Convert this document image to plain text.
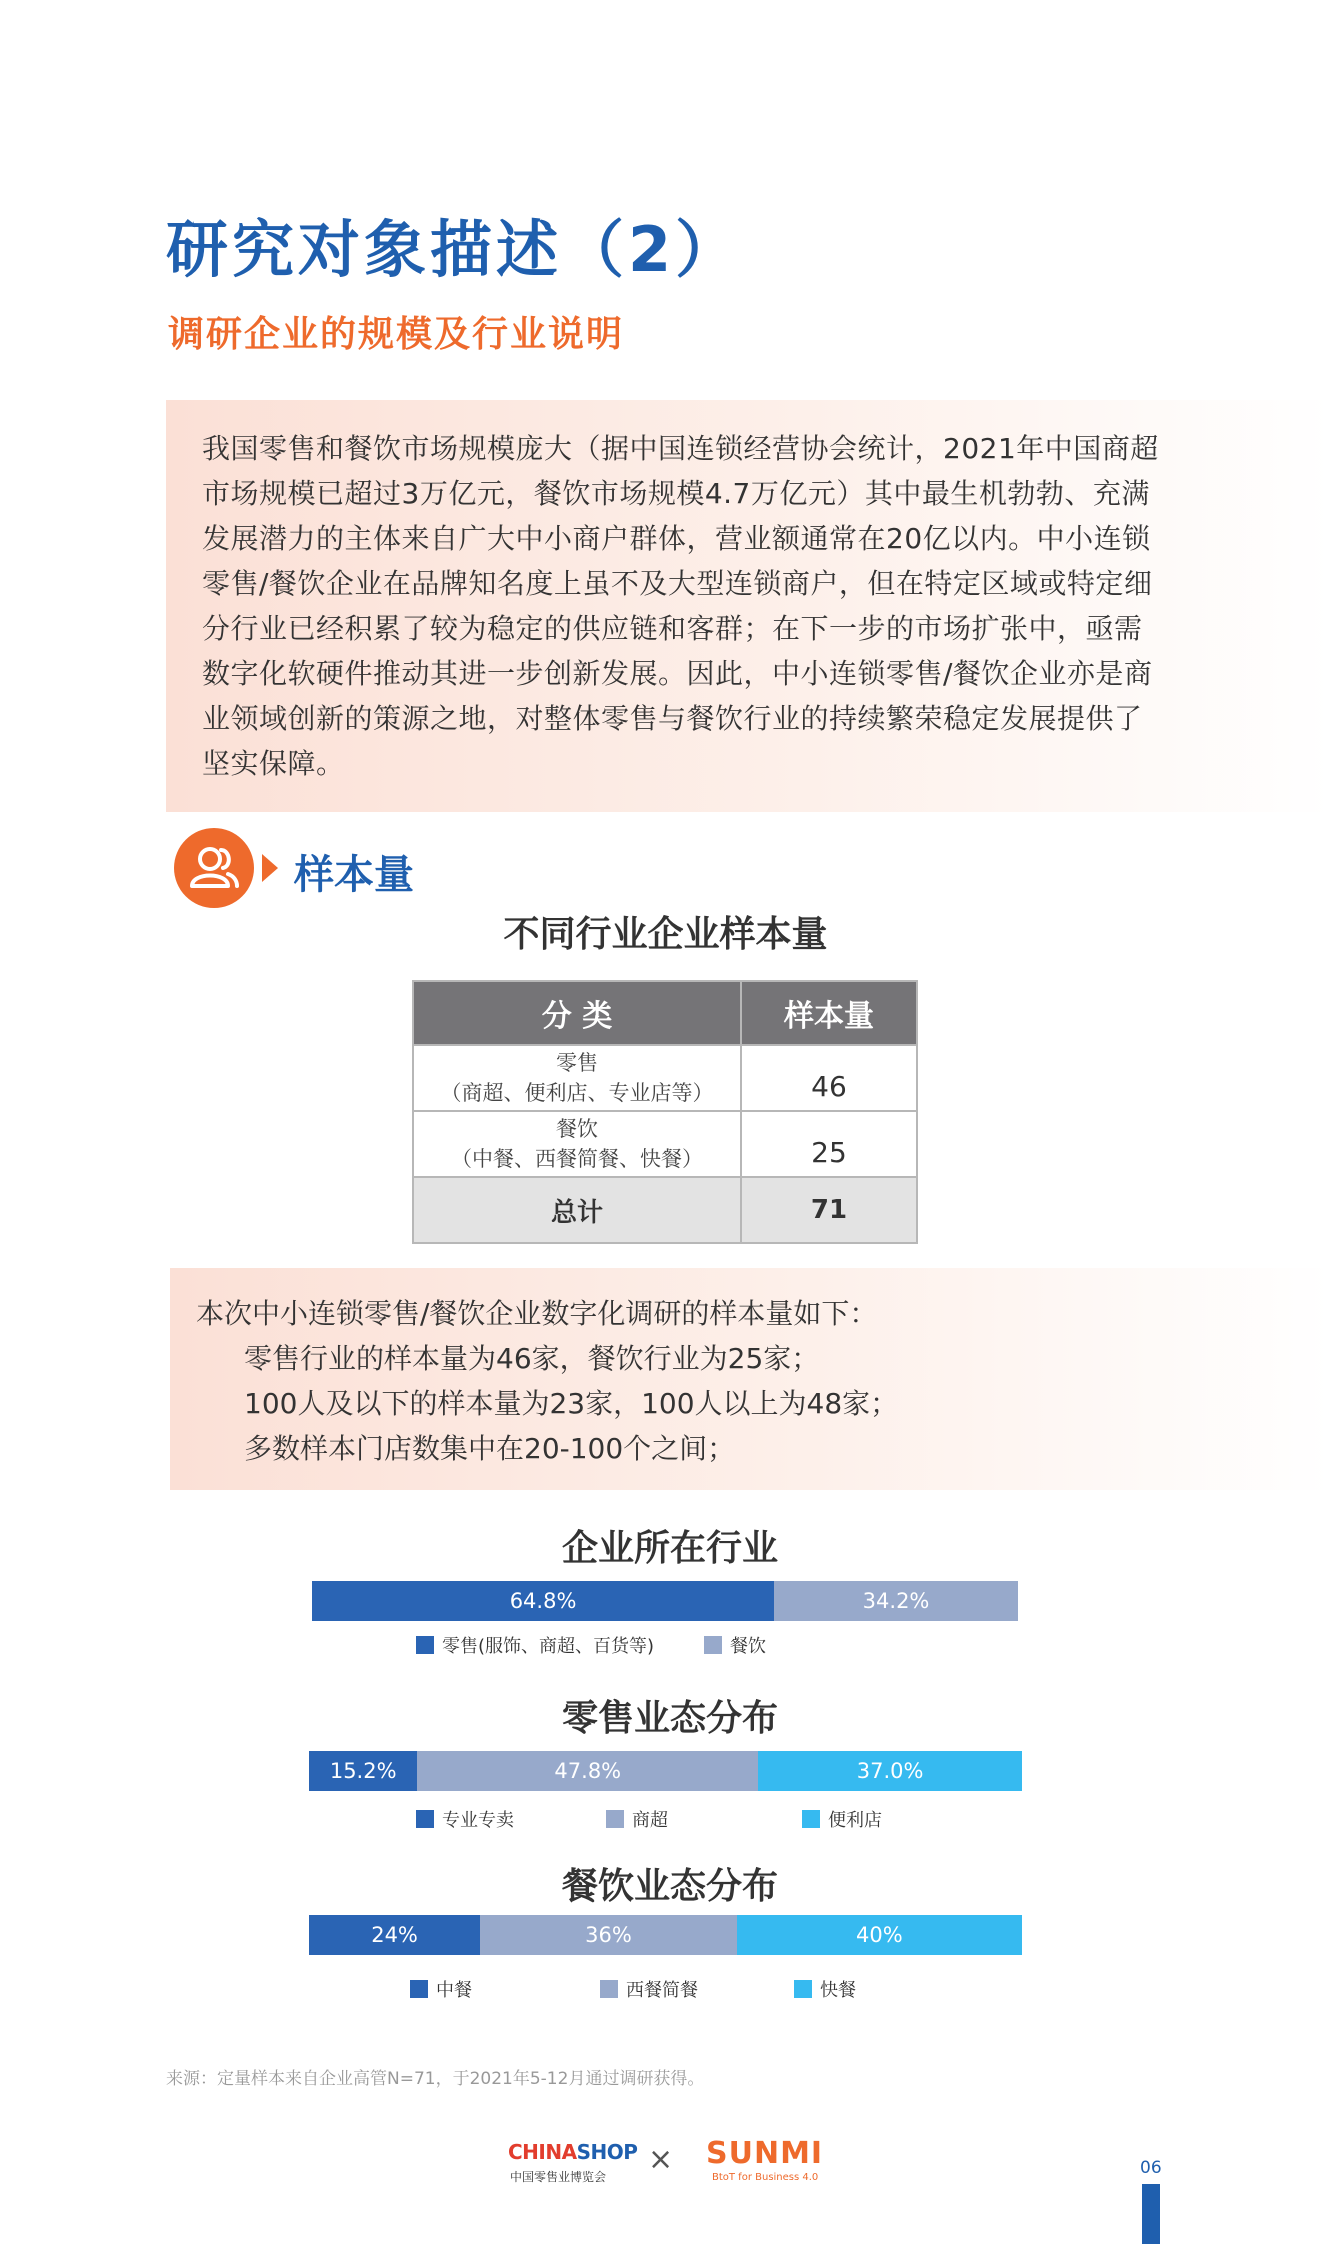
研究对象描述（2）
调研企业的规模及行业说明
我国零售和餐饮市场规模庞大（据中国连锁经营协会统计，2021年中国商超
市场规模已超过3万亿元，餐饮市场规模4.7万亿元）其中最生机勃勃、充满
发展潜力的主体来自广大中小商户群体，营业额通常在20亿以内。中小连锁
零售/餐饮企业在品牌知名度上虽不及大型连锁商户，但在特定区域或特定细
分行业已经积累了较为稳定的供应链和客群；在下一步的市场扩张中，亟需
数字化软硬件推动其进一步创新发展。因此，中小连锁零售/餐饮企业亦是商
业领域创新的策源之地，对整体零售与餐饮行业的持续繁荣稳定发展提供了
坚实保障。
样本量
不同行业企业样本量
分 类	样本量

零售
（商超、便利店、专业店等）	46

餐饮
（中餐、西餐简餐、快餐）	25
总计	71
本次中小连锁零售/餐饮企业数字化调研的样本量如下：
零售行业的样本量为46家，餐饮行业为25家；
100人及以下的样本量为23家，100人以上为48家；
多数样本门店数集中在20-100个之间；
企业所在行业
64.8%	34.2%
零售(服饰、商超、百货等)	餐饮
零售业态分布
15.2%	47.8%	37.0%
专业专卖	商超	便利店
餐饮业态分布
24%	36%	40%
中餐	西餐简餐	快餐
来源：定量样本来自企业高管N=71，于2021年5-12月通过调研获得。
CHINASHOP
中国零售业博览会 × SUNMI
BtoT for Business 4.0	06
